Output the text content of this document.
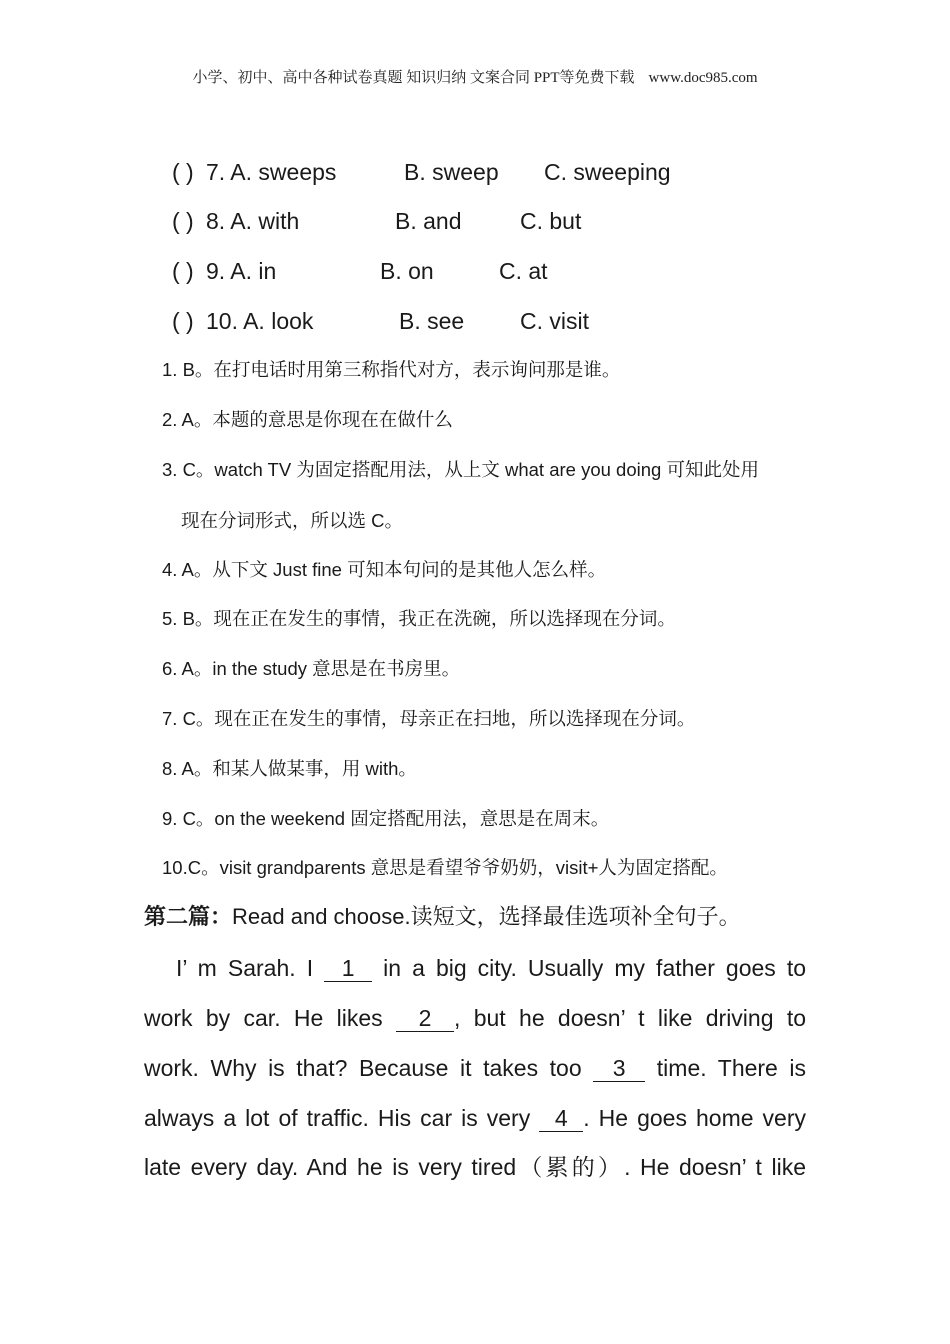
小学、初中、高中各种试卷真题 知识归纳 文案合同 PPT等免费下载 www.doc985.com
( ) 7. A. sweeps	B. sweep C. sweeping
( ) 8. A. with	B. and	C. but
( ) 9. A. in	B. on	C. at
( ) 10. A. look	B. see C. visit
1. B。在打电话时用第三称指代对方，表示询问那是谁。
2. A。本题的意思是你现在在做什么
3. C。watch TV 为固定搭配用法，从上文 what are you doing 可知此处用
现在分词形式，所以选 C。
4. A。从下文 Just fine 可知本句问的是其他人怎么样。
5. B。现在正在发生的事情，我正在洗碗，所以选择现在分词。
6. A。in the study 意思是在书房里。
7. C。现在正在发生的事情，母亲正在扫地，所以选择现在分词。
8. A。和某人做某事，用 with。
9. C。on the weekend 固定搭配用法，意思是在周末。
10.C。visit grandparents 意思是看望爷爷奶奶，visit+人为固定搭配。
第二篇：Read and choose.读短文，选择最佳选项补全句子。
I’ m Sarah. I 1 in a big city. Usually my father goes to
work by car. He likes 2 , but he doesn’ t like driving to
work. Why is that? Because it takes too 3 time. There is
always a lot of traffic. His car is very 4 . He goes home very
late every day. And he is very tired（累的）. He doesn’ t like
